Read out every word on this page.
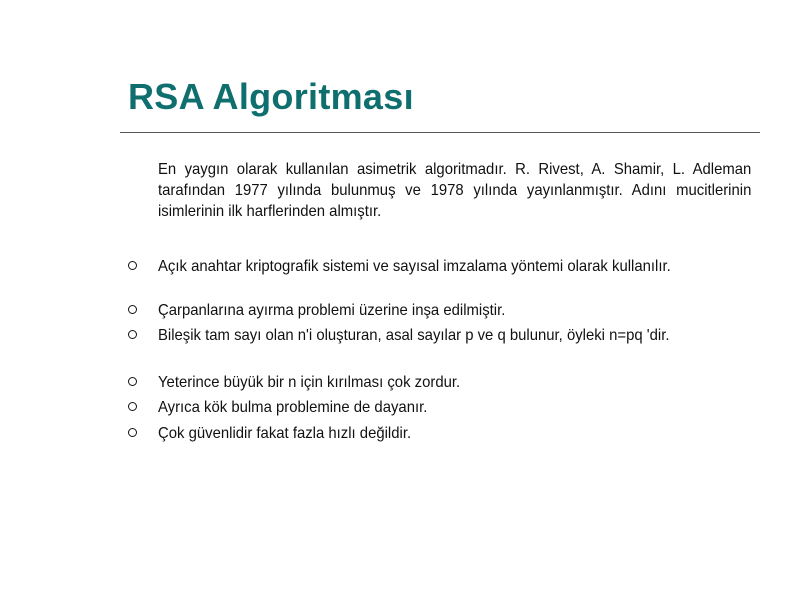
RSA Algoritması

En yaygın olarak kullanılan asimetrik algoritmadır. R. Rivest, A. Shamir, L. Adleman tarafından 1977 yılında bulunmuş ve 1978 yılında yayınlanmıştır. Adını mucitlerinin isimlerinin ilk harflerinden almıştır.

Açık anahtar kriptografik sistemi ve sayısal imzalama yöntemi olarak kullanılır.
Çarpanlarına ayırma problemi üzerine inşa edilmiştir.
Bileşik tam sayı olan n'i oluşturan, asal sayılar p ve q bulunur, öyleki n=pq 'dir.
Yeterince büyük bir n için kırılması çok zordur.
Ayrıca kök bulma problemine de dayanır.
Çok güvenlidir fakat fazla hızlı değildir.
